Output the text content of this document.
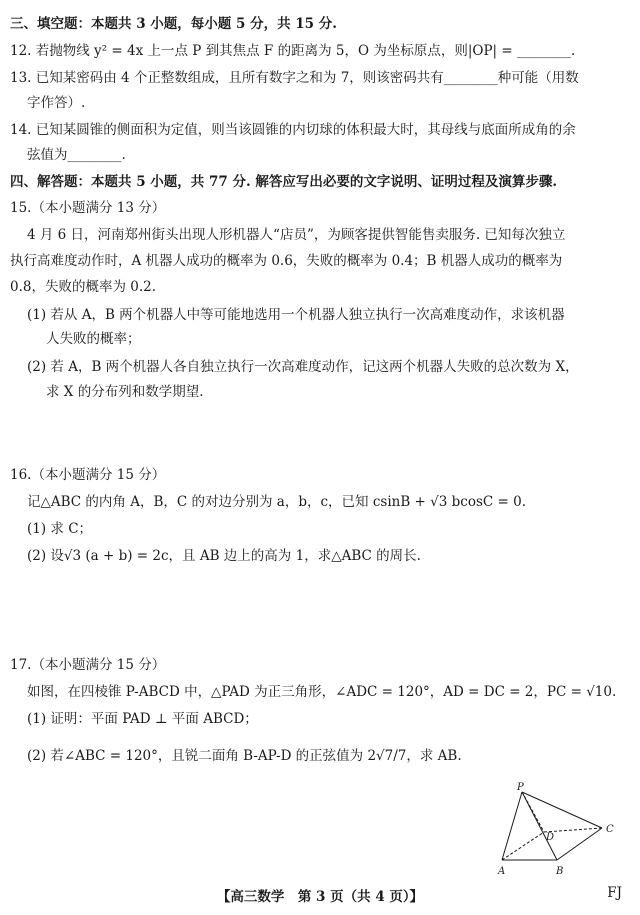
三、填空题：本题共 3 小题，每小题 5 分，共 15 分.
12. 若抛物线 y² = 4x 上一点 P 到其焦点 F 的距离为 5，O 为坐标原点，则|OP| = ________.
13. 已知某密码由 4 个正整数组成，且所有数字之和为 7，则该密码共有________种可能（用数
字作答）.
14. 已知某圆锥的侧面积为定值，则当该圆锥的内切球的体积最大时，其母线与底面所成角的余
弦值为________.
四、解答题：本题共 5 小题，共 77 分. 解答应写出必要的文字说明、证明过程及演算步骤.
15.（本小题满分 13 分）
4 月 6 日，河南郑州街头出现人形机器人“店员”，为顾客提供智能售卖服务. 已知每次独立
执行高难度动作时，A 机器人成功的概率为 0.6，失败的概率为 0.4；B 机器人成功的概率为
0.8，失败的概率为 0.2.
(1) 若从 A，B 两个机器人中等可能地选用一个机器人独立执行一次高难度动作，求该机器
人失败的概率；
(2) 若 A，B 两个机器人各自独立执行一次高难度动作，记这两个机器人失败的总次数为 X，
求 X 的分布列和数学期望.
16.（本小题满分 15 分）
记△ABC 的内角 A，B，C 的对边分别为 a，b，c，已知 csinB + √3 bcosC = 0.
(1) 求 C；
(2) 设√3 (a + b) = 2c，且 AB 边上的高为 1，求△ABC 的周长.
17.（本小题满分 15 分）
如图，在四棱锥 P-ABCD 中，△PAD 为正三角形，∠ADC = 120°，AD = DC = 2，PC = √10.
(1) 证明：平面 PAD ⊥ 平面 ABCD；
(2) 若∠ABC = 120°，且锐二面角 B-AP-D 的正弦值为 2√7/7，求 AB.
P
D
C
A	B
【高三数学　第 3 页（共 4 页）】	FJ
